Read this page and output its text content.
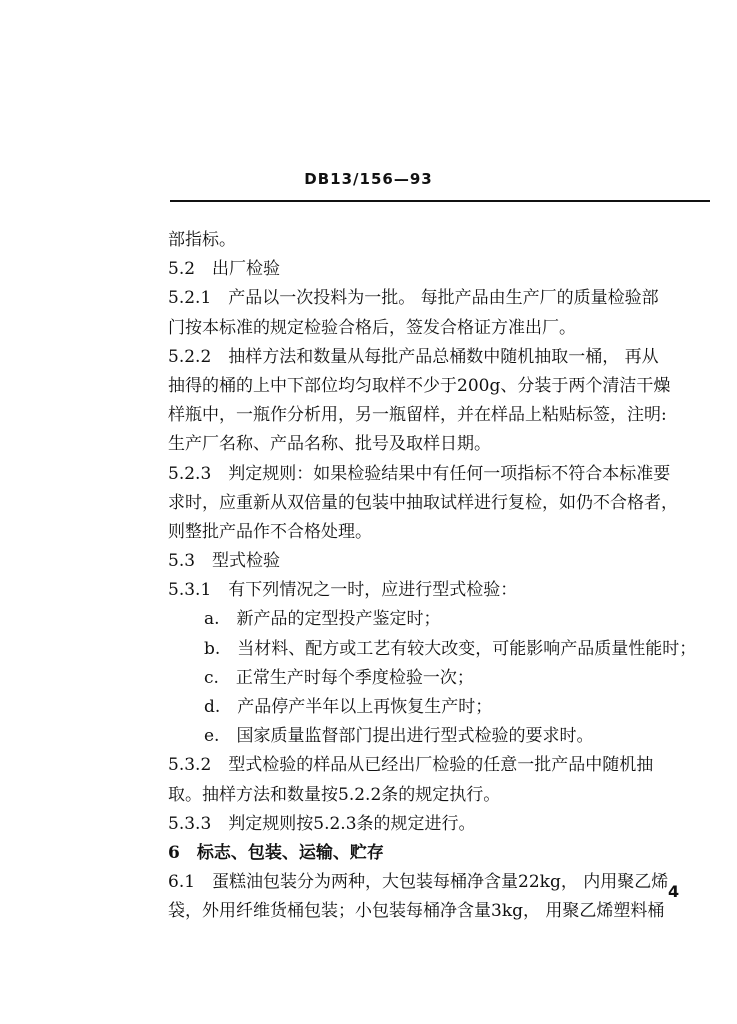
DB13/156—93
部指标。
5.2　出厂检验
5.2.1　产品以一次投料为一批。 每批产品由生产厂的质量检验部
门按本标准的规定检验合格后，签发合格证方准出厂。
5.2.2　抽样方法和数量从每批产品总桶数中随机抽取一桶， 再从
抽得的桶的上中下部位均匀取样不少于200g、分装于两个清洁干燥
样瓶中，一瓶作分析用，另一瓶留样，并在样品上粘贴标签，注明:
生产厂名称、产品名称、批号及取样日期。
5.2.3　判定规则：如果检验结果中有任何一项指标不符合本标准要
求时，应重新从双倍量的包装中抽取试样进行复检，如仍不合格者，
则整批产品作不合格处理。
5.3　型式检验
5.3.1　有下列情况之一时，应进行型式检验：
a.　新产品的定型投产鉴定时；
b.　当材料、配方或工艺有较大改变，可能影响产品质量性能时；
c.　正常生产时每个季度检验一次；
d.　产品停产半年以上再恢复生产时；
e.　国家质量监督部门提出进行型式检验的要求时。
5.3.2　型式检验的样品从已经出厂检验的任意一批产品中随机抽
取。抽样方法和数量按5.2.2条的规定执行。
5.3.3　判定规则按5.2.3条的规定进行。
6　标志、包装、运输、贮存
6.1　蛋糕油包装分为两种，大包装每桶净含量22kg， 内用聚乙烯
袋，外用纤维货桶包装；小包装每桶净含量3kg， 用聚乙烯塑料桶
4
